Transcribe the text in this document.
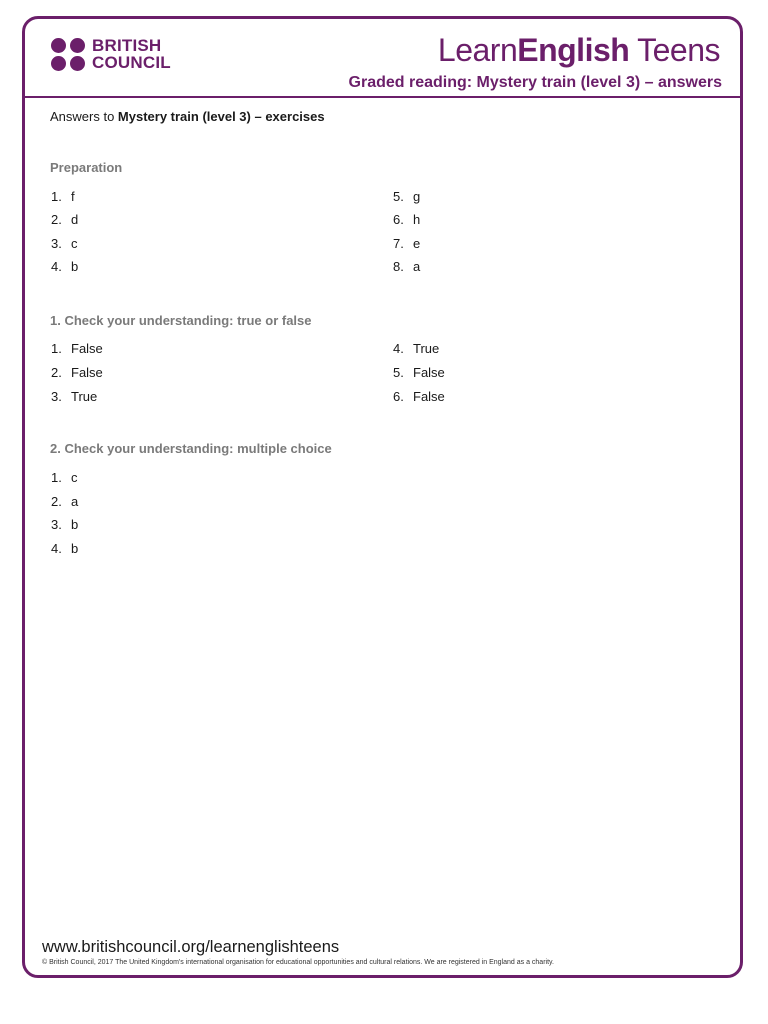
BRITISH
COUNCIL	LearnEnglish Teens
Graded reading: Mystery train (level 3) – answers
Answers to Mystery train (level 3) – exercises
Preparation
1. f
2. d
3. c
4. b
5. g
6. h
7. e
8. a
1. Check your understanding: true or false
1. False
2. False
3. True
4. True
5. False
6. False
2. Check your understanding: multiple choice
1. c
2. a
3. b
4. b
www.britishcouncil.org/learnenglishteens
© British Council, 2017 The United Kingdom's international organisation for educational opportunities and cultural relations. We are registered in England as a charity.
